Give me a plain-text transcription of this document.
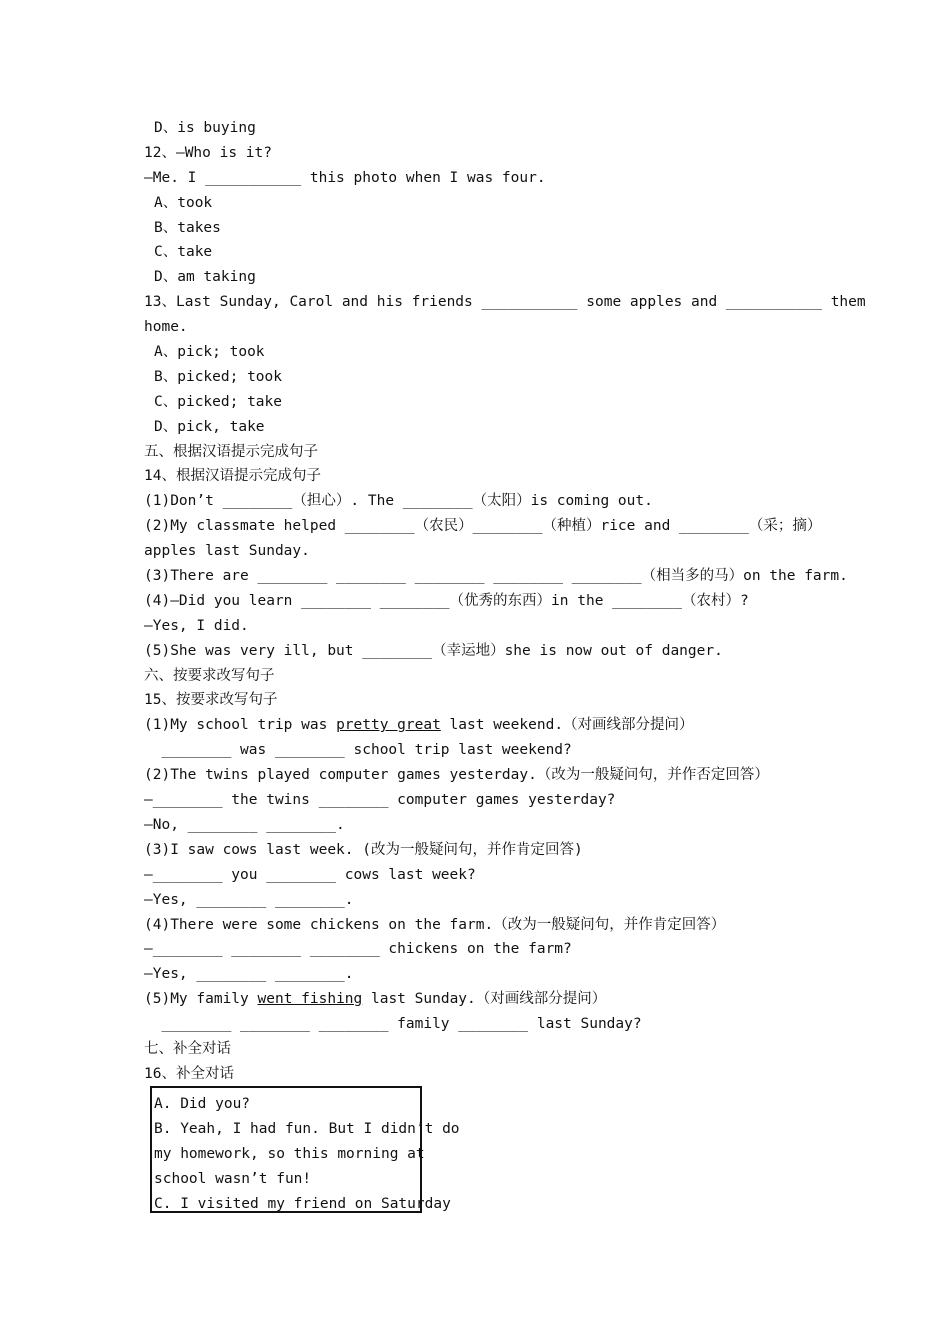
D、is buying
12、—Who is it?
—Me. I ___________ this photo when I was four.
A、took
B、takes
C、take
D、am taking
13、Last Sunday, Carol and his friends ___________ some apples and ___________ them
home.
A、pick; took
B、picked; took
C、picked; take
D、pick, take
五、根据汉语提示完成句子
14、根据汉语提示完成句子
(1)Don’t ________（担心）. The ________（太阳）is coming out.
(2)My classmate helped ________（农民）________（种植）rice and ________（采；摘）
apples last Sunday.
(3)There are ________ ________ ________ ________ ________（相当多的马）on the farm.
(4)—Did you learn ________ ________（优秀的东西）in the ________（农村）?
—Yes, I did.
(5)She was very ill, but ________（幸运地）she is now out of danger.
六、按要求改写句子
15、按要求改写句子
(1)My school trip was pretty great last weekend.（对画线部分提问）
________ was ________ school trip last weekend?
(2)The twins played computer games yesterday.（改为一般疑问句，并作否定回答）
—________ the twins ________ computer games yesterday?
—No, ________ ________.
(3)I saw cows last week. (改为一般疑问句，并作肯定回答)
—________ you ________ cows last week?
—Yes, ________ ________.
(4)There were some chickens on the farm.（改为一般疑问句，并作肯定回答）
—________ ________ ________ chickens on the farm?
—Yes, ________ ________.
(5)My family went fishing last Sunday.（对画线部分提问）
________ ________ ________ family ________ last Sunday?
七、补全对话
16、补全对话
A. Did you?
B. Yeah, I had fun. But I didn’t do
my homework, so this morning at
school wasn’t fun!
C. I visited my friend on Saturday
